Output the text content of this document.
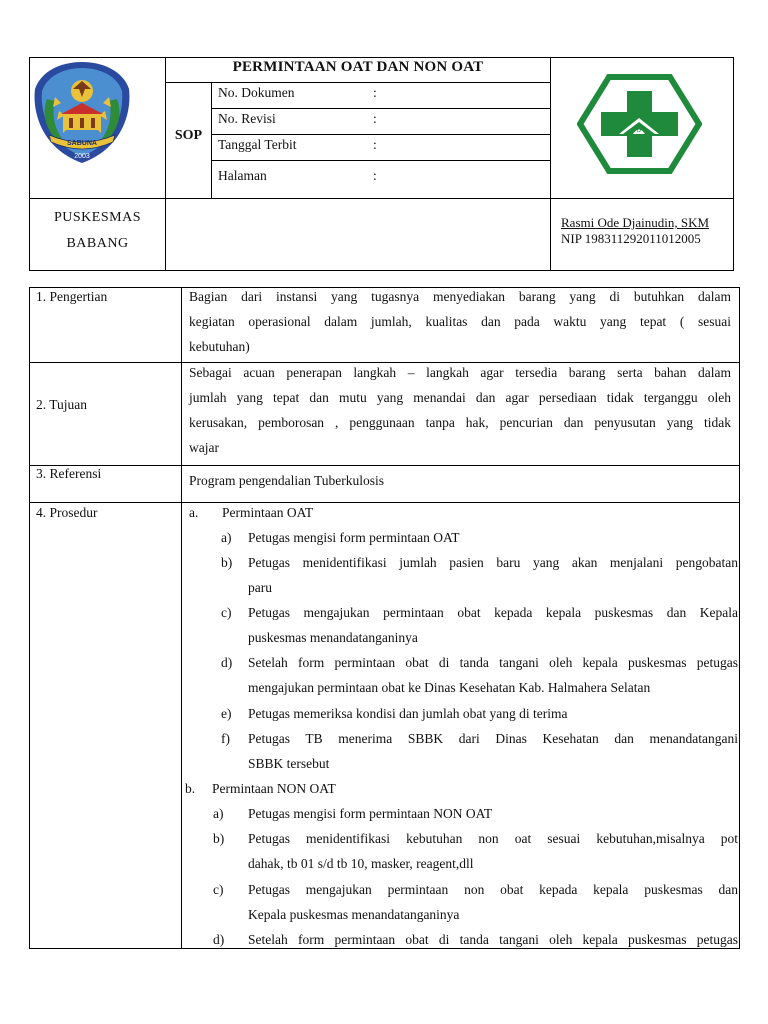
SABUNA
2003
PERMINTAAN OAT DAN NON OAT
SOP
No. Dokumen	:
No. Revisi	:
Tanggal Terbit	:
Halaman	:
D
PUSKESMAS
BABANG
Rasmi Ode Djainudin, SKM
NIP 198311292011012005
1. Pengertian	Bagian dari instansi yang tugasnya menyediakan barang yang di butuhkan dalam
kegiatan operasional dalam jumlah, kualitas dan pada waktu yang tepat ( sesuai
kebutuhan)
2. Tujuan
Sebagai acuan penerapan langkah – langkah agar tersedia barang serta bahan dalam
jumlah yang tepat dan mutu yang menandai dan agar persediaan tidak terganggu oleh
kerusakan, pemborosan , penggunaan tanpa hak, pencurian dan penyusutan yang tidak
wajar
3. Referensi	Program pengendalian Tuberkulosis
4. Prosedur	a. Permintaan OAT
a) Petugas mengisi form permintaan OAT
b) Petugas menidentifikasi jumlah pasien baru yang akan menjalani pengobatan
paru
c) Petugas mengajukan permintaan obat kepada kepala puskesmas dan Kepala
puskesmas menandatanganinya
d) Setelah form permintaan obat di tanda tangani oleh kepala puskesmas petugas
mengajukan permintaan obat ke Dinas Kesehatan Kab. Halmahera Selatan
e) Petugas memeriksa kondisi dan jumlah obat yang di terima
f) Petugas TB menerima SBBK dari Dinas Kesehatan dan menandatangani
SBBK tersebut
b. Permintaan NON OAT
a) Petugas mengisi form permintaan NON OAT
b) Petugas menidentifikasi kebutuhan non oat sesuai kebutuhan,misalnya pot
dahak, tb 01 s/d tb 10, masker, reagent,dll
c) Petugas mengajukan permintaan non obat kepada kepala puskesmas dan
Kepala puskesmas menandatanganinya
d) Setelah form permintaan obat di tanda tangani oleh kepala puskesmas petugas
